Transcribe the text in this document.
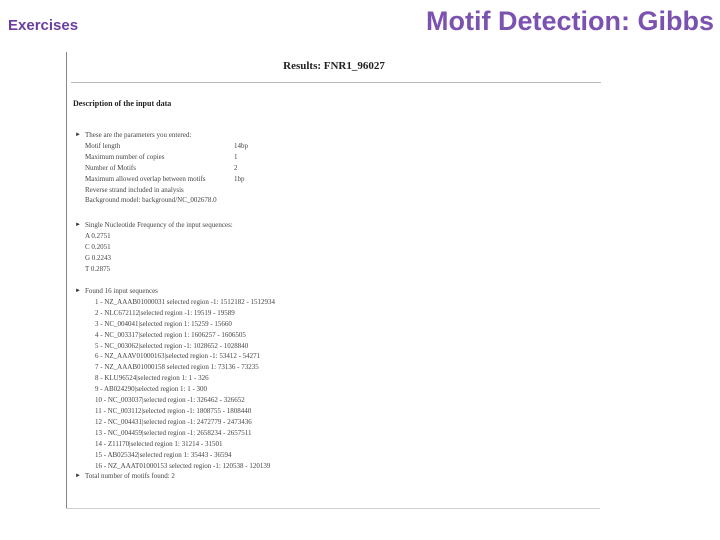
Exercises	Motif Detection: Gibbs
Results: FNR1_96027
Description of the input data
► These are the parameters you entered:
Motif length	14bp
Maximum number of copies	1
Number of Motifs	2
Maximum allowed overlap between motifs	1bp
Reverse strand included in analysis
Background model: background/NC_002678.0
► Single Nucleotide Frequency of the input sequences:
A 0.2751
C 0.2051
G 0.2243
T 0.2875
► Found 16 input sequences
1 - NZ_AAAB01000031 selected region -1: 1512182 - 1512934
2 - NLC672112|selected region -1: 19519 - 19589
3 - NC_004041|selected region 1: 15259 - 15660
4 - NC_003317|selected region 1: 1606257 - 1606505
5 - NC_003062|selected region -1: 1028652 - 1028840
6 - NZ_AAAV01000163|selected region -1: 53412 - 54271
7 - NZ_AAAB01000158 selected region 1: 73136 - 73235
8 - KLU96524|selected region 1: 1 - 326
9 - AB024290|selected region 1: 1 - 300
10 - NC_003037|selected region -1: 326462 - 326652
11 - NC_003112|selected region -1: 1808755 - 1808440
12 - NC_004431|selected region -1: 2472779 - 2473436
13 - NC_004459|selected region -1: 2658234 - 2657511
14 - Z11170|selected region 1: 31214 - 31501
15 - AB025342|selected region 1: 35443 - 36594
16 - NZ_AAAT01000153 selected region -1: 120538 - 120139
► Total number of motifs found: 2
